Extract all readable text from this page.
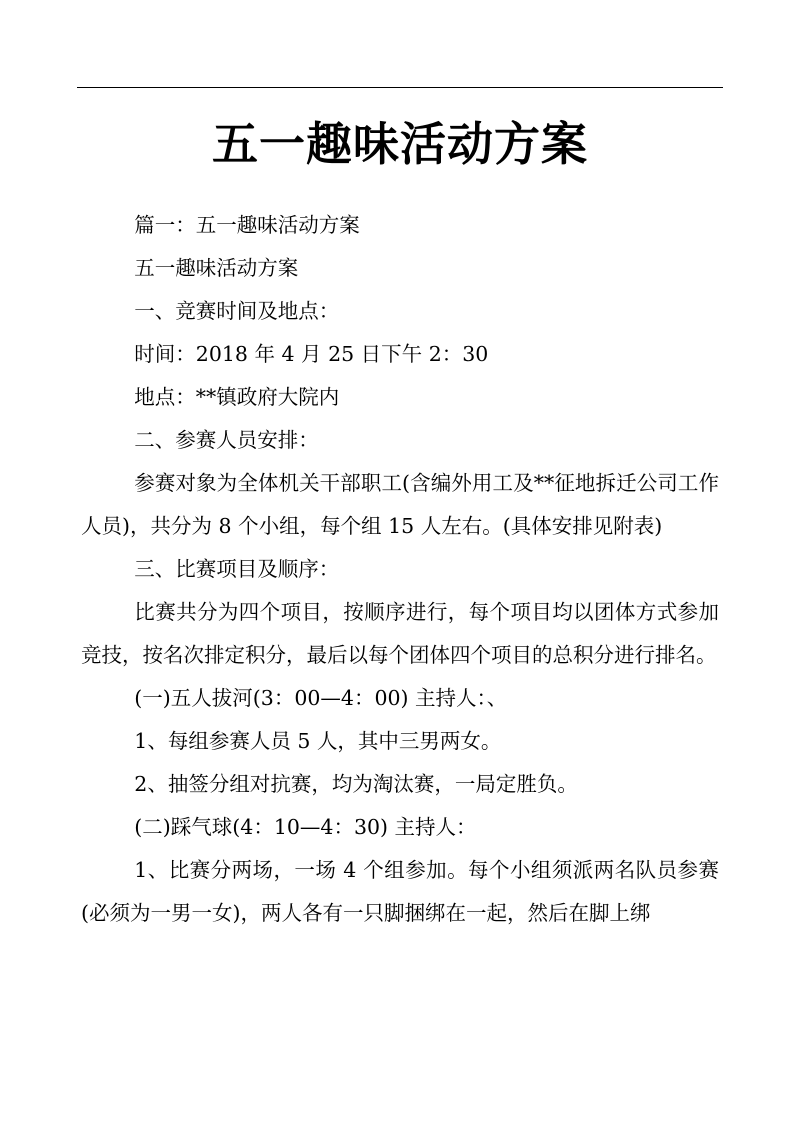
五一趣味活动方案

篇一：五一趣味活动方案

五一趣味活动方案

一、竞赛时间及地点：

时间：2018 年 4 月 25 日下午 2：30

地点：**镇政府大院内

二、参赛人员安排：

参赛对象为全体机关干部职工(含编外用工及**征地拆迁公司工作人员)，共分为 8 个小组，每个组 15 人左右。(具体安排见附表)

三、比赛项目及顺序：

比赛共分为四个项目，按顺序进行，每个项目均以团体方式参加竞技，按名次排定积分，最后以每个团体四个项目的总积分进行排名。

(一)五人拔河(3：00—4：00) 主持人：、

1、每组参赛人员 5 人，其中三男两女。

2、抽签分组对抗赛，均为淘汰赛，一局定胜负。

(二)踩气球(4：10—4：30) 主持人：

1、比赛分两场，一场 4 个组参加。每个小组须派两名队员参赛(必须为一男一女)，两人各有一只脚捆绑在一起，然后在脚上绑
